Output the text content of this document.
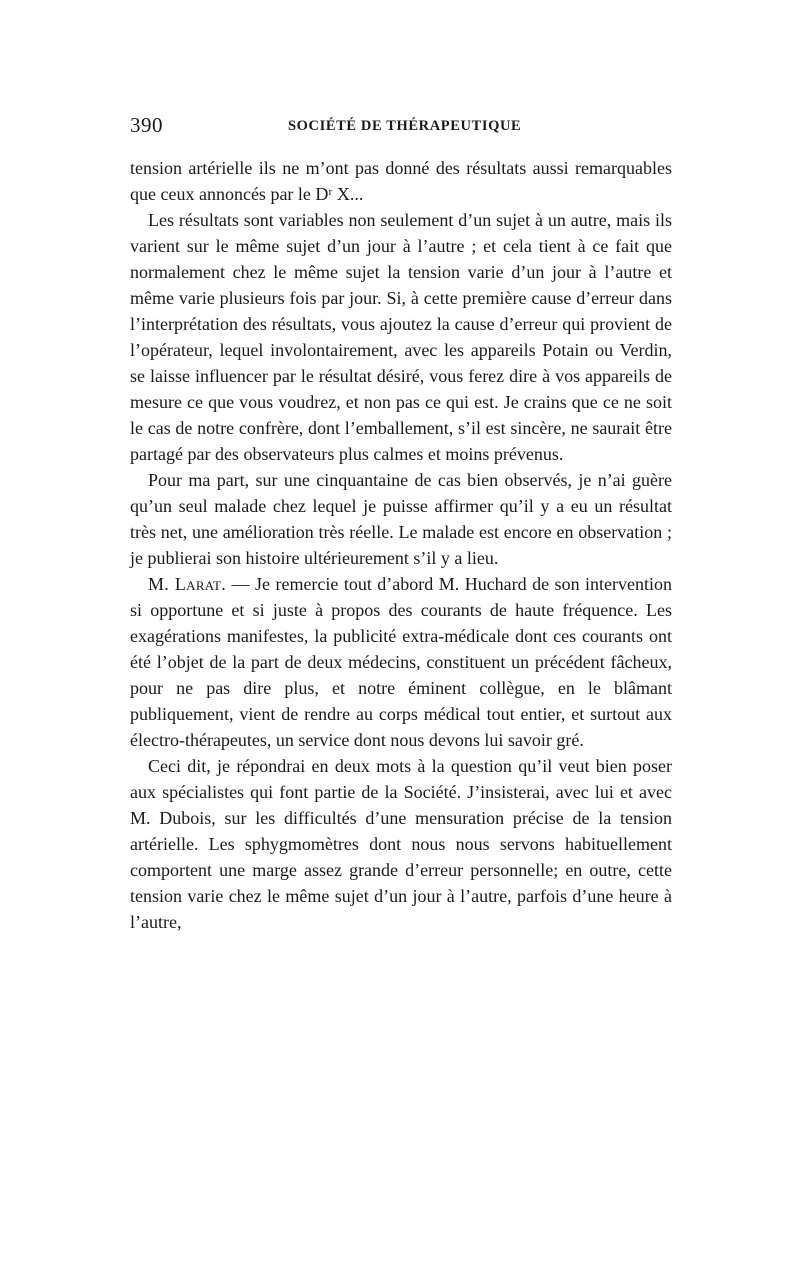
390	SOCIÉTÉ DE THÉRAPEUTIQUE

tension artérielle ils ne m’ont pas donné des résultats aussi remarquables que ceux annoncés par le Dʳ X...

Les résultats sont variables non seulement d’un sujet à un autre, mais ils varient sur le même sujet d’un jour à l’autre ; et cela tient à ce fait que normalement chez le même sujet la tension varie d’un jour à l’autre et même varie plusieurs fois par jour. Si, à cette première cause d’erreur dans l’interprétation des résultats, vous ajoutez la cause d’erreur qui provient de l’opérateur, lequel involontairement, avec les appareils Potain ou Verdin, se laisse influencer par le résultat désiré, vous ferez dire à vos appareils de mesure ce que vous voudrez, et non pas ce qui est. Je crains que ce ne soit le cas de notre confrère, dont l’emballement, s’il est sincère, ne saurait être partagé par des observateurs plus calmes et moins prévenus.

Pour ma part, sur une cinquantaine de cas bien observés, je n’ai guère qu’un seul malade chez lequel je puisse affirmer qu’il y a eu un résultat très net, une amélioration très réelle. Le malade est encore en observation ; je publierai son histoire ultérieurement s’il y a lieu.

M. Larat. — Je remercie tout d’abord M. Huchard de son intervention si opportune et si juste à propos des courants de haute fréquence. Les exagérations manifestes, la publicité extra-médicale dont ces courants ont été l’objet de la part de deux médecins, constituent un précédent fâcheux, pour ne pas dire plus, et notre éminent collègue, en le blâmant publiquement, vient de rendre au corps médical tout entier, et surtout aux électro-thérapeutes, un service dont nous devons lui savoir gré.

Ceci dit, je répondrai en deux mots à la question qu’il veut bien poser aux spécialistes qui font partie de la Société. J’insisterai, avec lui et avec M. Dubois, sur les difficultés d’une mensuration précise de la tension artérielle. Les sphygmomètres dont nous nous servons habituellement comportent une marge assez grande d’erreur personnelle; en outre, cette tension varie chez le même sujet d’un jour à l’autre, parfois d’une heure à l’autre,
